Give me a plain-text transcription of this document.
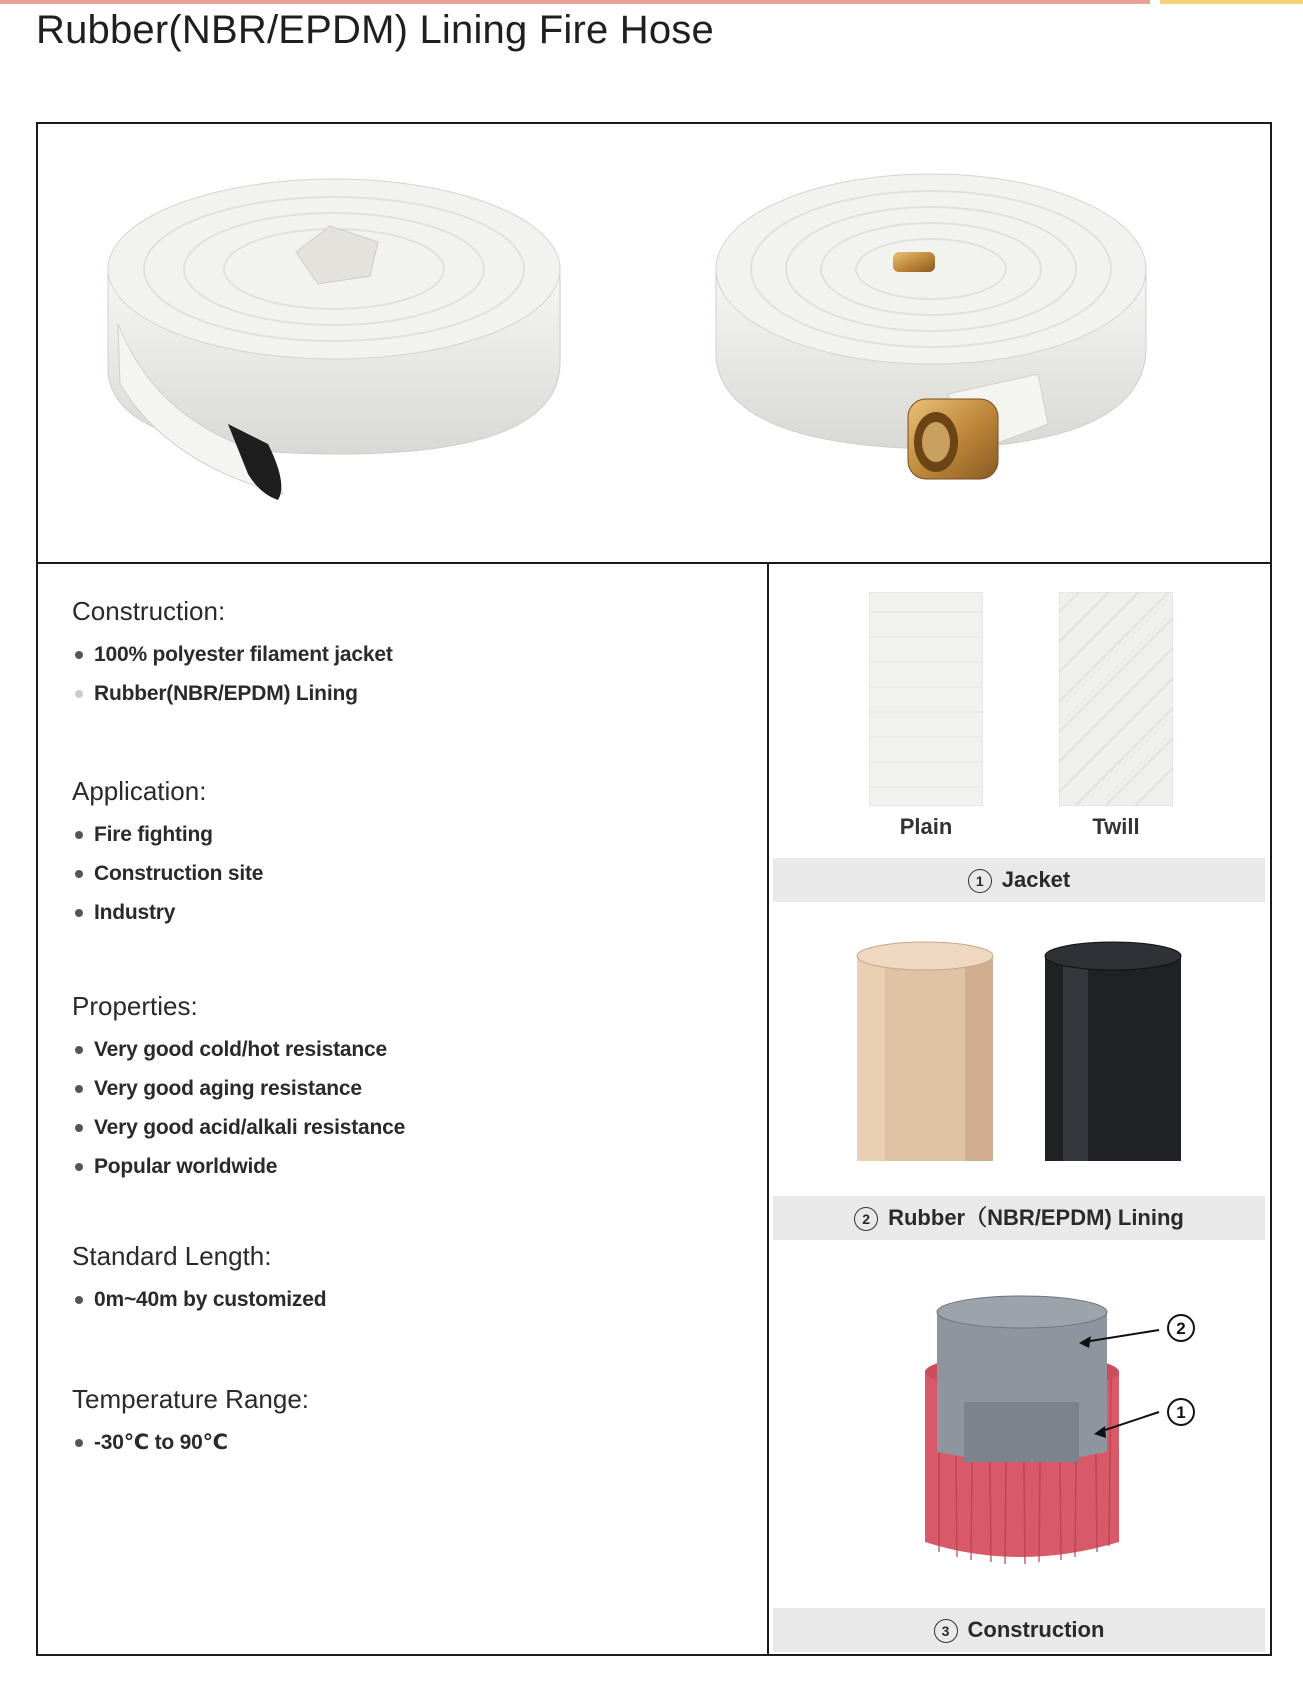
Rubber(NBR/EPDM) Lining Fire Hose
Construction:
100% polyester filament jacket
Rubber(NBR/EPDM) Lining
Application:
Fire fighting
Construction site
Industry
Properties:
Very good cold/hot resistance
Very good aging resistance
Very good acid/alkali resistance
Popular worldwide
Standard Length:
0m~40m by customized
Temperature Range:
-30℃ to 90℃
Plain	Twill
1 Jacket
2 Rubber（NBR/EPDM) Lining
2
1
3 Construction
